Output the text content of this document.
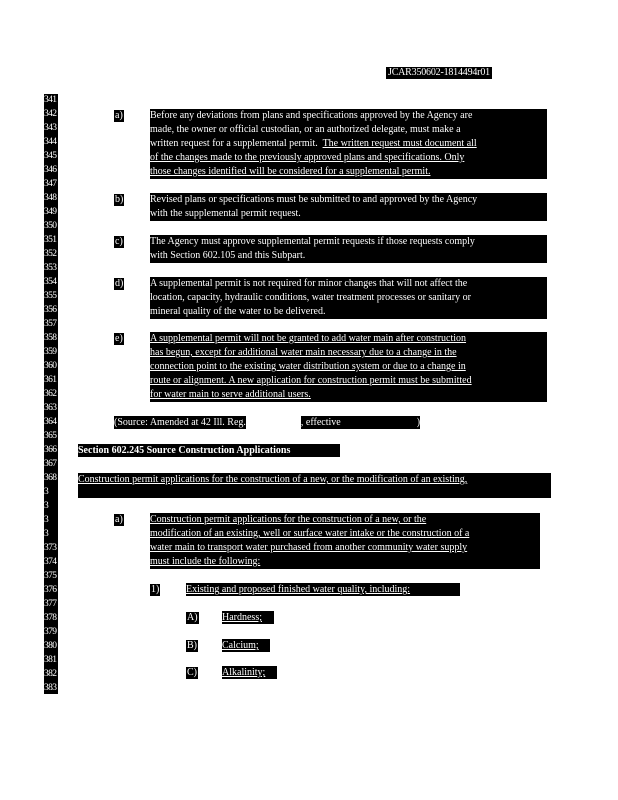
JCAR350602-1814494r01
341
342
343
344
345
346
347
348
349
350
351
352
353
354
355
356
357
358
359
360
361
362
363
364
365
366
367
368
3
3
3
3
373
374
375
376
377
378
379
380
381
382
383
a)	Before any deviations from plans and specifications approved by the Agency are
made, the owner or official custodian, or an authorized delegate, must make a
written request for a supplemental permit. The written request must document all
of the changes made to the previously approved plans and specifications. Only
those changes identified will be considered for a supplemental permit.
b)	Revised plans or specifications must be submitted to and approved by the Agency
with the supplemental permit request.
c)	The Agency must approve supplemental permit requests if those requests comply
with Section 602.105 and this Subpart.
d)	A supplemental permit is not required for minor changes that will not affect the
location, capacity, hydraulic conditions, water treatment processes or sanitary or
mineral quality of the water to be delivered.
e)	A supplemental permit will not be granted to add water main after construction
has begun, except for additional water main necessary due to a change in the
connection point to the existing water distribution system or due to a change in
route or alignment. A new application for construction permit must be submitted
for water main to serve additional users.
(Source: Amended at 42 Ill. Reg.	, effective	)
Section 602.245 Source Construction Applications
Construction permit applications for the construction of a new, or the modification of an existing,
a)	Construction permit applications for the construction of a new, or the
modification of an existing, well or surface water intake or the construction of a
water main to transport water purchased from another community water supply
must include the following:
1)	Existing and proposed finished water quality, including:
A) Hardness;
B)	Calcium;
C)	Alkalinity;
